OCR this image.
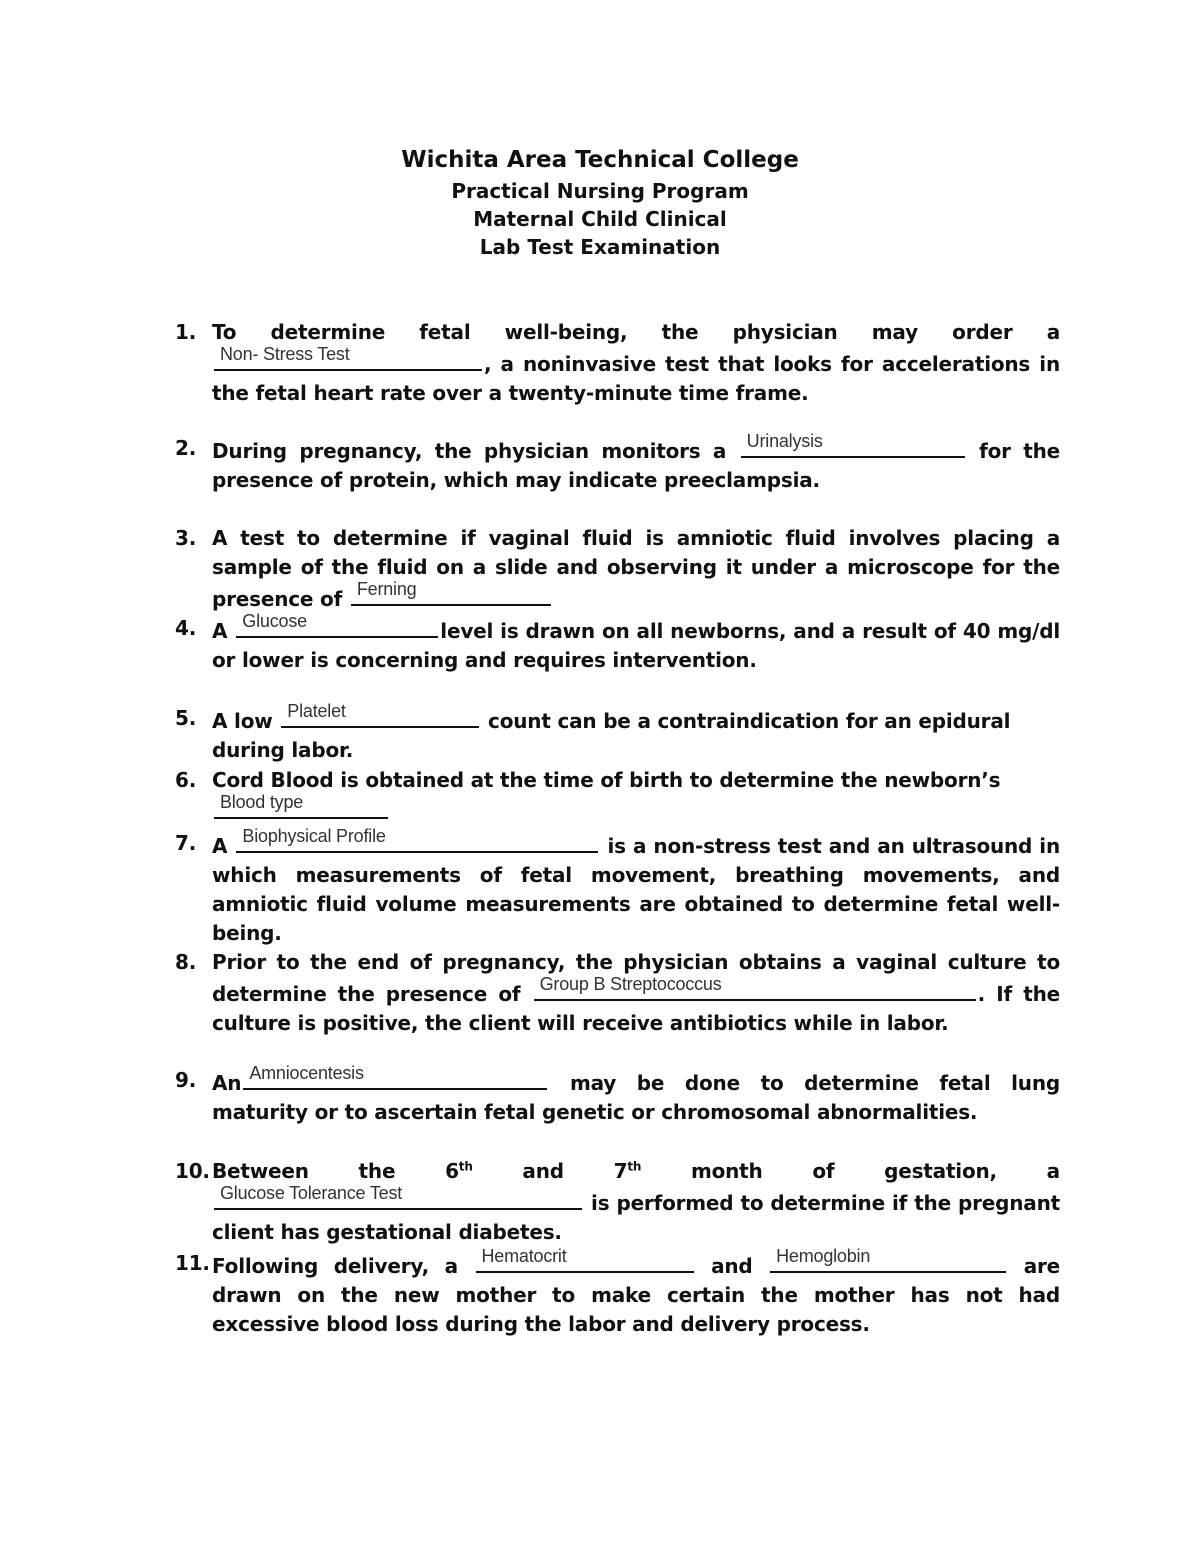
Wichita Area Technical College
Practical Nursing Program
Maternal Child Clinical
Lab Test Examination
1. To determine fetal well-being, the physician may order a
Non- Stress Test	, a noninvasive test that looks for accelerations in the fetal heart rate over a twenty-minute time frame.
2. During pregnancy, the physician monitors a Urinalysis	for the presence of protein, which may indicate preeclampsia.
3. A test to determine if vaginal fluid is amniotic fluid involves placing a sample of the fluid on a slide and observing it under a microscope for the presence of Ferning
4. A Glucose	level is drawn on all newborns, and a result of 40 mg/dl or lower is concerning and requires intervention.
5. A low Platelet	count can be a contraindication for an epidural during labor.
6. Cord Blood is obtained at the time of birth to determine the newborn’s
Blood type
7. A Biophysical Profile	is a non-stress test and an ultrasound in which measurements of fetal movement, breathing movements, and amniotic fluid volume measurements are obtained to determine fetal well-being.
8. Prior to the end of pregnancy, the physician obtains a vaginal culture to determine the presence of Group B Streptococcus	. If the culture is positive, the client will receive antibiotics while in labor.
9. An Amniocentesis	may be done to determine fetal lung maturity or to ascertain fetal genetic or chromosomal abnormalities.
10. Between the 6th and 7th month of gestation, a
Glucose Tolerance Test	is performed to determine if the pregnant client has gestational diabetes.
11. Following delivery, a Hematocrit	and Hemoglobin	are drawn on the new mother to make certain the mother has not had excessive blood loss during the labor and delivery process.
